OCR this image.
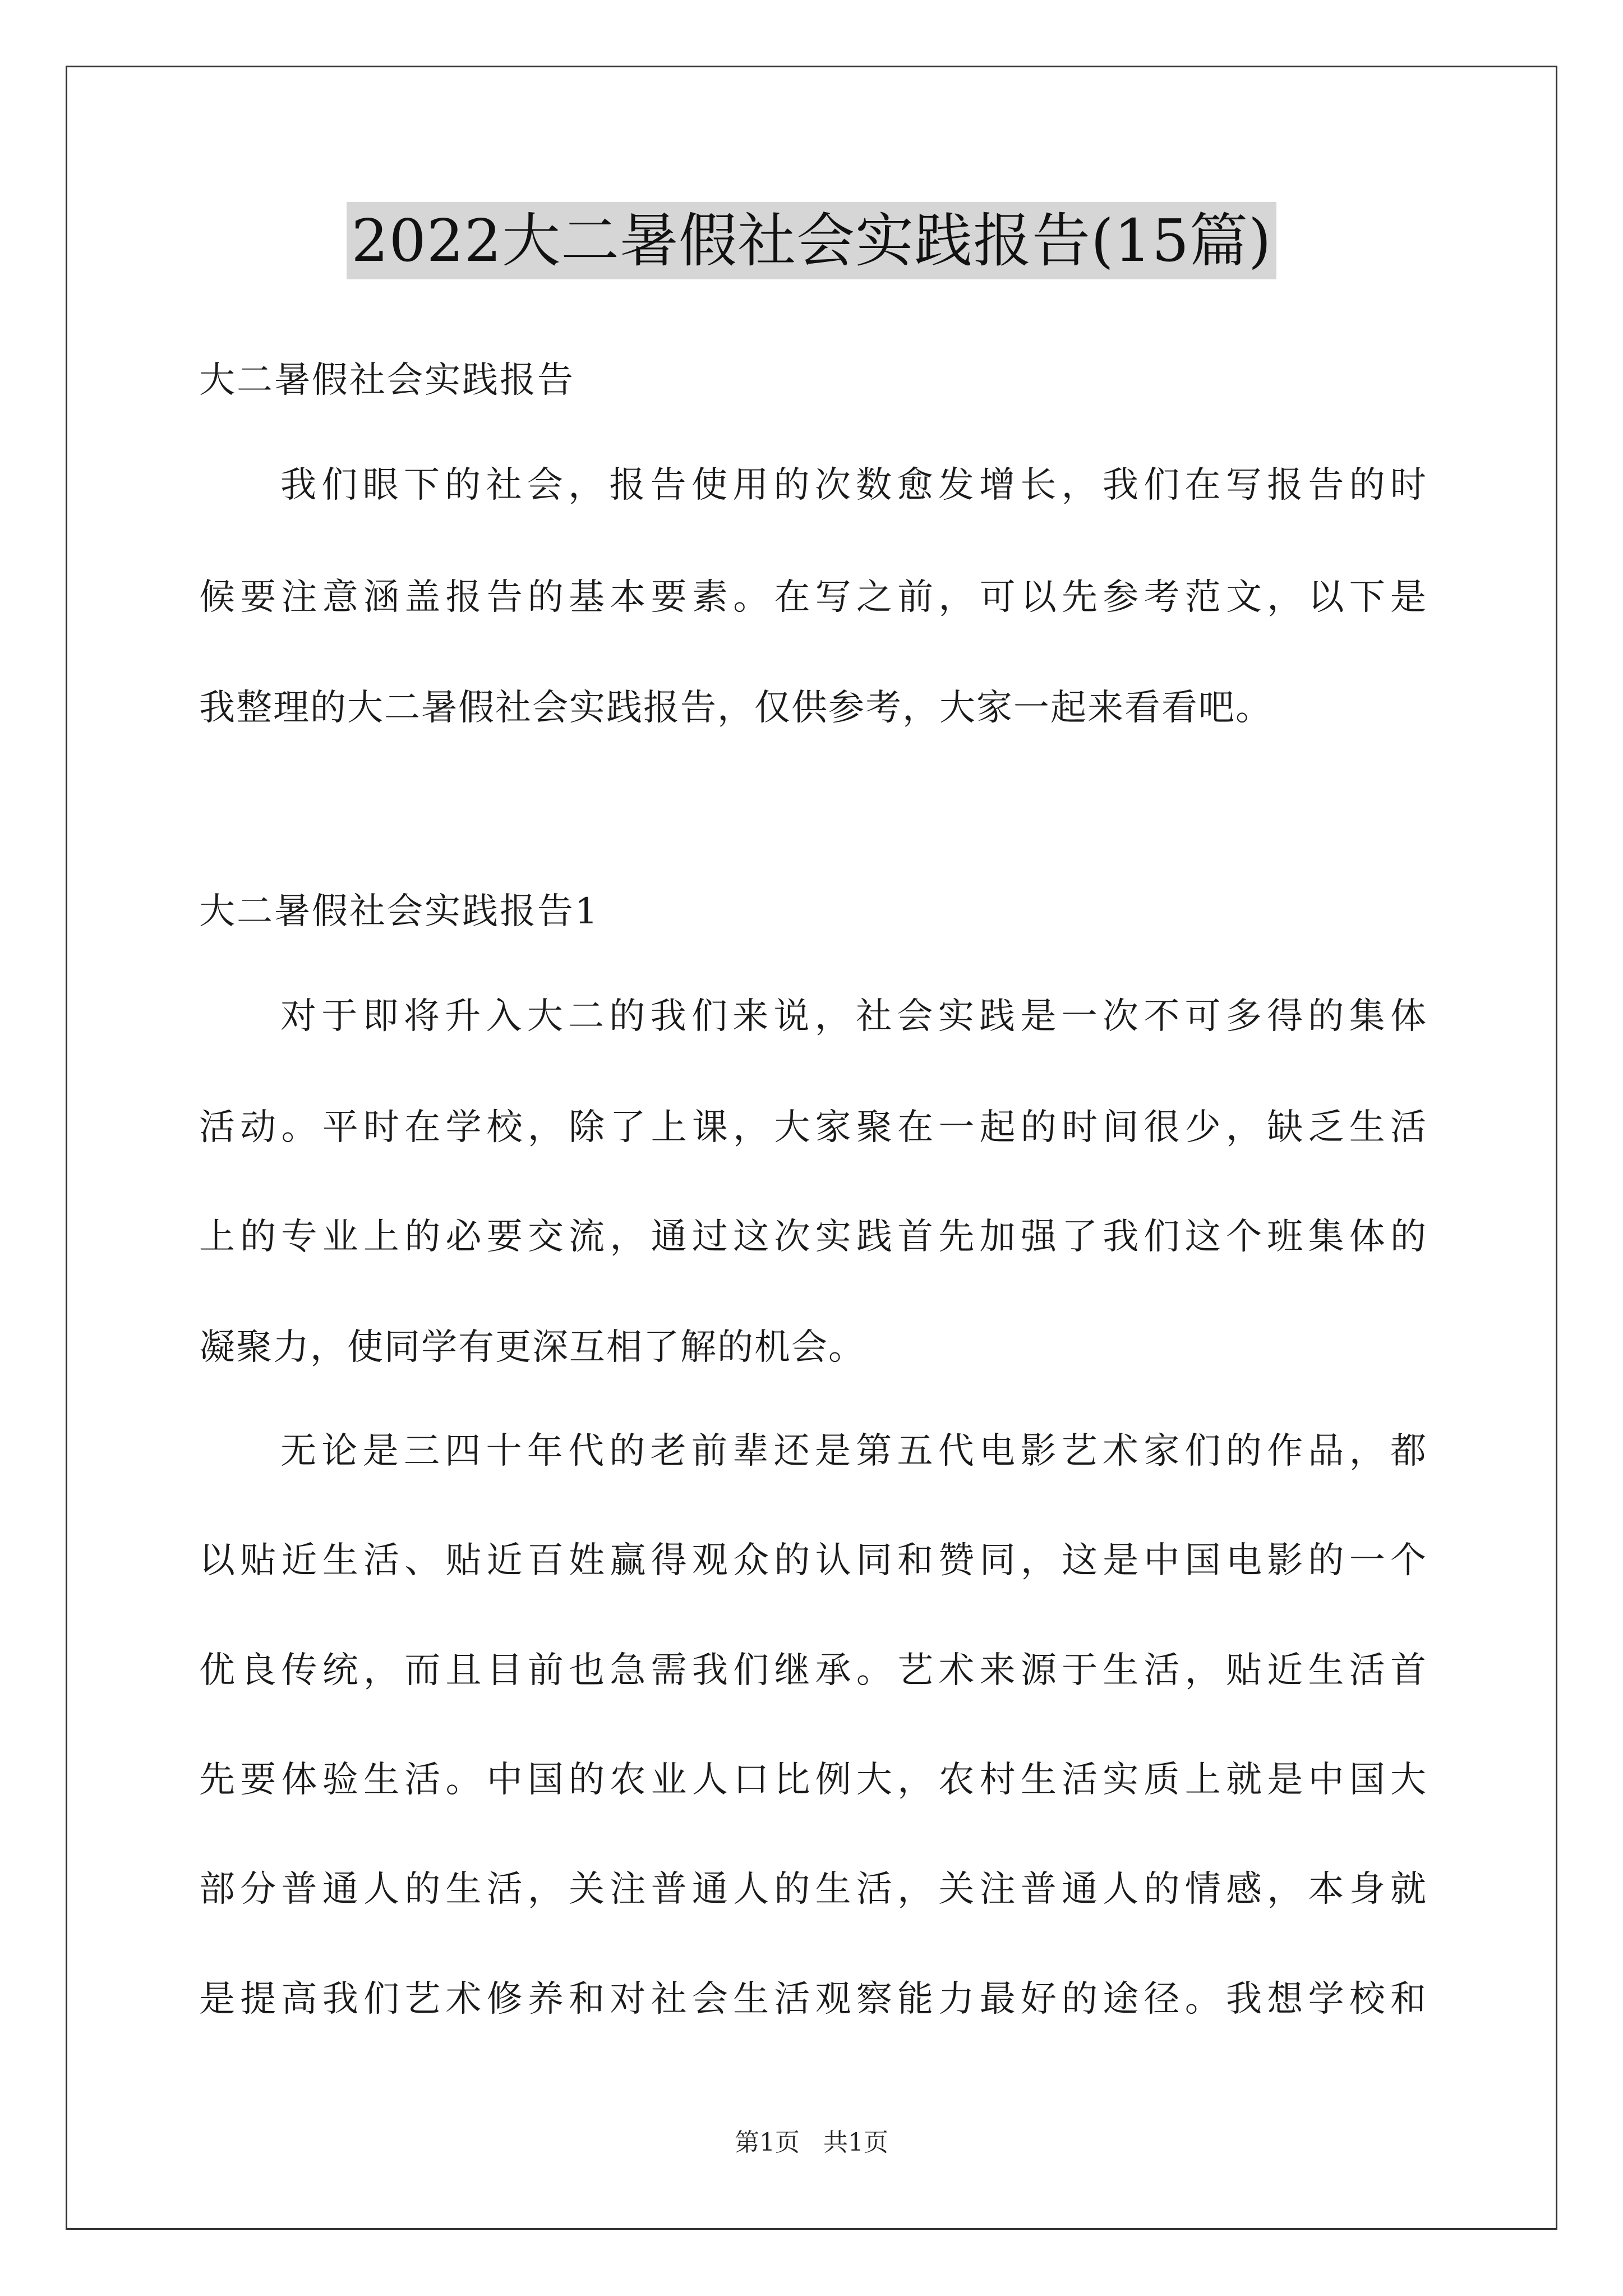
2022大二暑假社会实践报告(15篇)
大二暑假社会实践报告
我们眼下的社会，报告使用的次数愈发增长，我们在写报告的时
候要注意涵盖报告的基本要素。在写之前，可以先参考范文，以下是
我整理的大二暑假社会实践报告，仅供参考，大家一起来看看吧。
大二暑假社会实践报告1
对于即将升入大二的我们来说，社会实践是一次不可多得的集体
活动。平时在学校，除了上课，大家聚在一起的时间很少，缺乏生活
上的专业上的必要交流，通过这次实践首先加强了我们这个班集体的
凝聚力，使同学有更深互相了解的机会。
无论是三四十年代的老前辈还是第五代电影艺术家们的作品，都
以贴近生活、贴近百姓赢得观众的认同和赞同，这是中国电影的一个
优良传统，而且目前也急需我们继承。艺术来源于生活，贴近生活首
先要体验生活。中国的农业人口比例大，农村生活实质上就是中国大
部分普通人的生活，关注普通人的生活，关注普通人的情感，本身就
是提高我们艺术修养和对社会生活观察能力最好的途径。我想学校和
第1页 共1页
